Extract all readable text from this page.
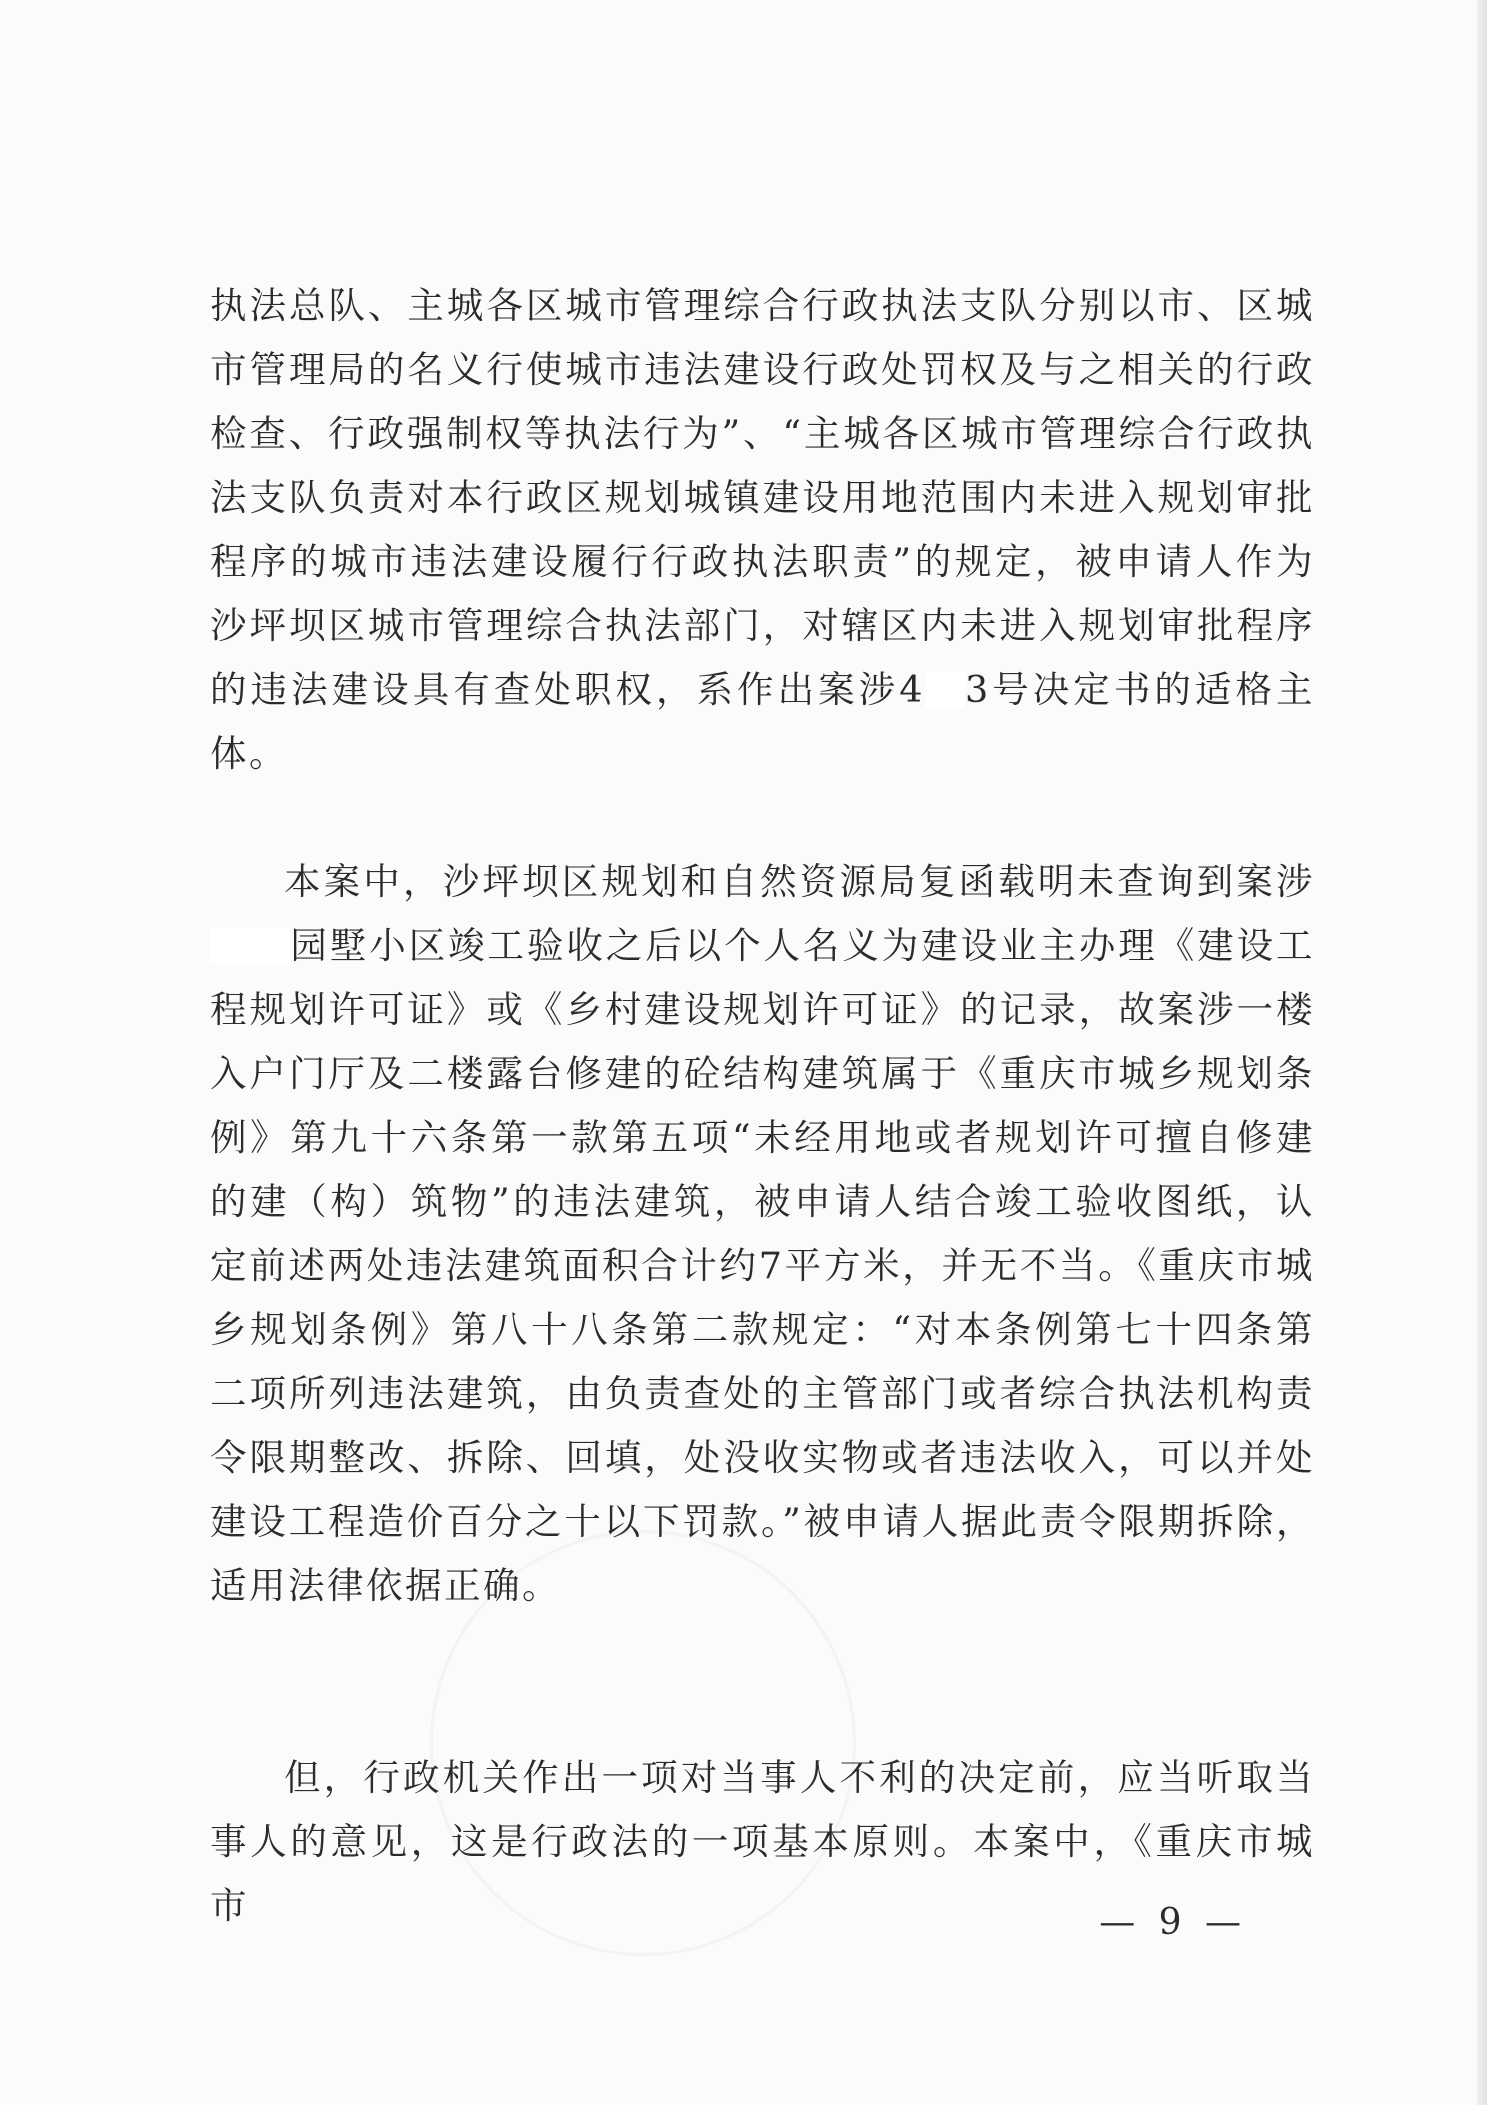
执法总队、主城各区城市管理综合行政执法支队分别以市、区城市管理局的名义行使城市违法建设行政处罚权及与之相关的行政检查、行政强制权等执法行为”、“主城各区城市管理综合行政执法支队负责对本行政区规划城镇建设用地范围内未进入规划审批程序的城市违法建设履行行政执法职责”的规定，被申请人作为沙坪坝区城市管理综合执法部门，对辖区内未进入规划审批程序的违法建设具有查处职权，系作出案涉4 3号决定书的适格主体。

本案中，沙坪坝区规划和自然资源局复函载明未查询到案涉园墅小区竣工验收之后以个人名义为建设业主办理《建设工程规划许可证》或《乡村建设规划许可证》的记录，故案涉一楼入户门厅及二楼露台修建的砼结构建筑属于《重庆市城乡规划条例》第九十六条第一款第五项“未经用地或者规划许可擅自修建的建（构）筑物”的违法建筑，被申请人结合竣工验收图纸，认定前述两处违法建筑面积合计约7平方米，并无不当。《重庆市城乡规划条例》第八十八条第二款规定：“对本条例第七十四条第二项所列违法建筑，由负责查处的主管部门或者综合执法机构责令限期整改、拆除、回填，处没收实物或者违法收入，可以并处建设工程造价百分之十以下罚款。”被申请人据此责令限期拆除，适用法律依据正确。

但，行政机关作出一项对当事人不利的决定前，应当听取当事人的意见，这是行政法的一项基本原则。本案中，《重庆市城市	— 9 —
